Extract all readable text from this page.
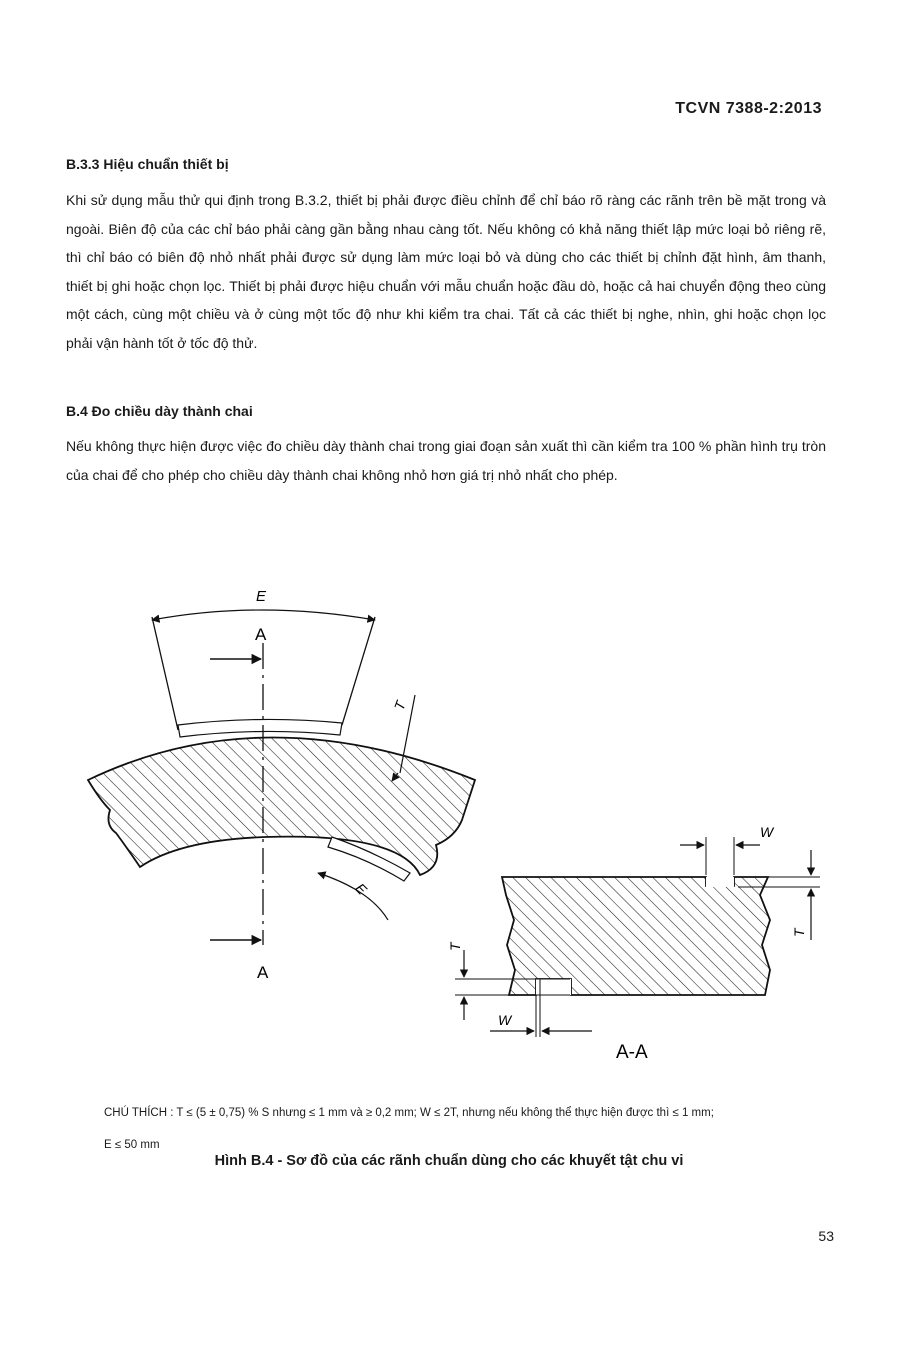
TCVN 7388-2:2013
B.3.3 Hiệu chuẩn thiết bị
Khi sử dụng mẫu thử qui định trong B.3.2, thiết bị phải được điều chỉnh để chỉ báo rõ ràng các rãnh trên bề mặt trong và ngoài. Biên độ của các chỉ báo phải càng gần bằng nhau càng tốt. Nếu không có khả năng thiết lập mức loại bỏ riêng rẽ, thì chỉ báo có biên độ nhỏ nhất phải được sử dụng làm mức loại bỏ và dùng cho các thiết bị chỉnh đặt hình, âm thanh, thiết bị ghi hoặc chọn lọc. Thiết bị phải được hiệu chuẩn với mẫu chuẩn hoặc đầu dò, hoặc cả hai chuyển động theo cùng một cách, cùng một chiều và ở cùng một tốc độ như khi kiểm tra chai. Tất cả các thiết bị nghe, nhìn, ghi hoặc chọn lọc phải vận hành tốt ở tốc độ thử.
B.4 Đo chiều dày thành chai
Nếu không thực hiện được việc đo chiều dày thành chai trong giai đoạn sản xuất thì cần kiểm tra 100 % phần hình trụ tròn của chai để cho phép cho chiều dày thành chai không nhỏ hơn giá trị nhỏ nhất cho phép.
E
A
A
T
E
W
T
T
W
A-A
CHÚ THÍCH : T ≤ (5 ± 0,75) % S nhưng ≤ 1 mm và ≥ 0,2 mm; W ≤ 2T, nhưng nếu không thể thực hiện được thì ≤ 1 mm;
E ≤ 50 mm
Hình B.4 - Sơ đồ của các rãnh chuẩn dùng cho các khuyết tật chu vi
53
